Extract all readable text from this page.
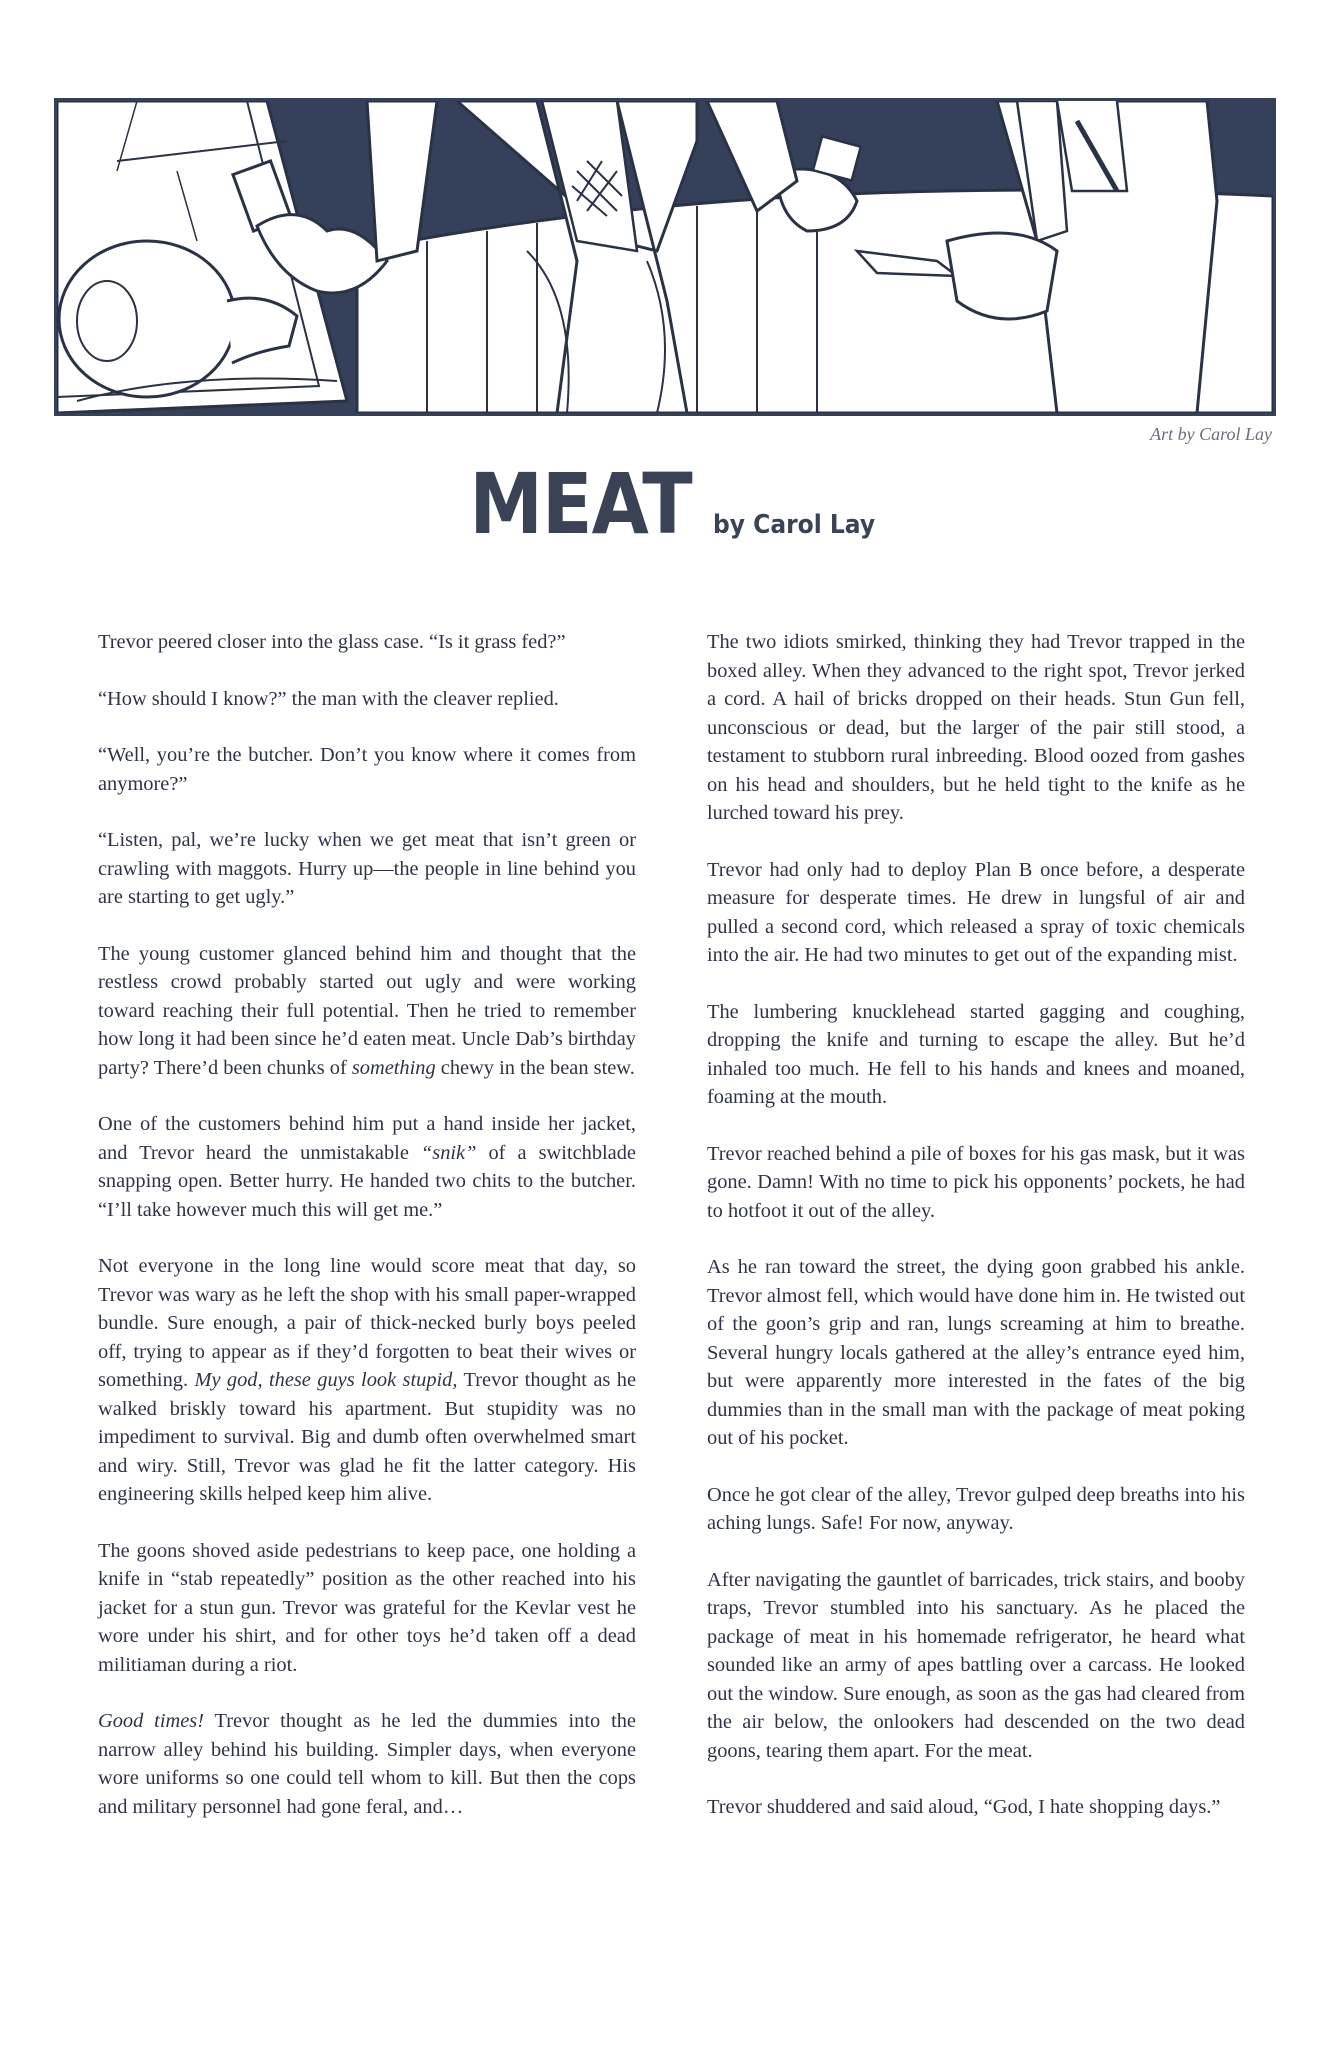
Art by Carol Lay
MEAT by Carol Lay

Trevor peered closer into the glass case. “Is it grass fed?”

“How should I know?” the man with the cleaver replied.

“Well, you’re the butcher. Don’t you know where it comes from anymore?”

“Listen, pal, we’re lucky when we get meat that isn’t green or crawling with maggots. Hurry up—the people in line behind you are starting to get ugly.”

The young customer glanced behind him and thought that the restless crowd probably started out ugly and were working toward reaching their full potential. Then he tried to remember how long it had been since he’d eaten meat. Uncle Dab’s birthday party? There’d been chunks of something chewy in the bean stew.

One of the customers behind him put a hand inside her jacket, and Trevor heard the unmistakable “snik” of a switchblade snapping open. Better hurry. He handed two chits to the butcher. “I’ll take however much this will get me.”

Not everyone in the long line would score meat that day, so Trevor was wary as he left the shop with his small paper-wrapped bundle. Sure enough, a pair of thick-necked burly boys peeled off, trying to appear as if they’d forgotten to beat their wives or something. My god, these guys look stupid, Trevor thought as he walked briskly toward his apartment. But stupidity was no impediment to survival. Big and dumb often overwhelmed smart and wiry. Still, Trevor was glad he fit the latter category. His engineering skills helped keep him alive.

The goons shoved aside pedestrians to keep pace, one holding a knife in “stab repeatedly” position as the other reached into his jacket for a stun gun. Trevor was grateful for the Kevlar vest he wore under his shirt, and for other toys he’d taken off a dead militiaman during a riot.

Good times! Trevor thought as he led the dummies into the narrow alley behind his building. Simpler days, when everyone wore uniforms so one could tell whom to kill. But then the cops and military personnel had gone feral, and…

The two idiots smirked, thinking they had Trevor trapped in the boxed alley. When they advanced to the right spot, Trevor jerked a cord. A hail of bricks dropped on their heads. Stun Gun fell, unconscious or dead, but the larger of the pair still stood, a testament to stubborn rural inbreeding. Blood oozed from gashes on his head and shoulders, but he held tight to the knife as he lurched toward his prey.

Trevor had only had to deploy Plan B once before, a desperate measure for desperate times. He drew in lungsful of air and pulled a second cord, which released a spray of toxic chemicals into the air. He had two minutes to get out of the expanding mist.

The lumbering knucklehead started gagging and coughing, dropping the knife and turning to escape the alley. But he’d inhaled too much. He fell to his hands and knees and moaned, foaming at the mouth.

Trevor reached behind a pile of boxes for his gas mask, but it was gone. Damn! With no time to pick his opponents’ pockets, he had to hotfoot it out of the alley.

As he ran toward the street, the dying goon grabbed his ankle. Trevor almost fell, which would have done him in. He twisted out of the goon’s grip and ran, lungs screaming at him to breathe. Several hungry locals gathered at the alley’s entrance eyed him, but were apparently more interested in the fates of the big dummies than in the small man with the package of meat poking out of his pocket.

Once he got clear of the alley, Trevor gulped deep breaths into his aching lungs. Safe! For now, anyway.

After navigating the gauntlet of barricades, trick stairs, and booby traps, Trevor stumbled into his sanctuary. As he placed the package of meat in his homemade refrigerator, he heard what sounded like an army of apes battling over a carcass. He looked out the window. Sure enough, as soon as the gas had cleared from the air below, the onlookers had descended on the two dead goons, tearing them apart. For the meat.

Trevor shuddered and said aloud, “God, I hate shopping days.”
